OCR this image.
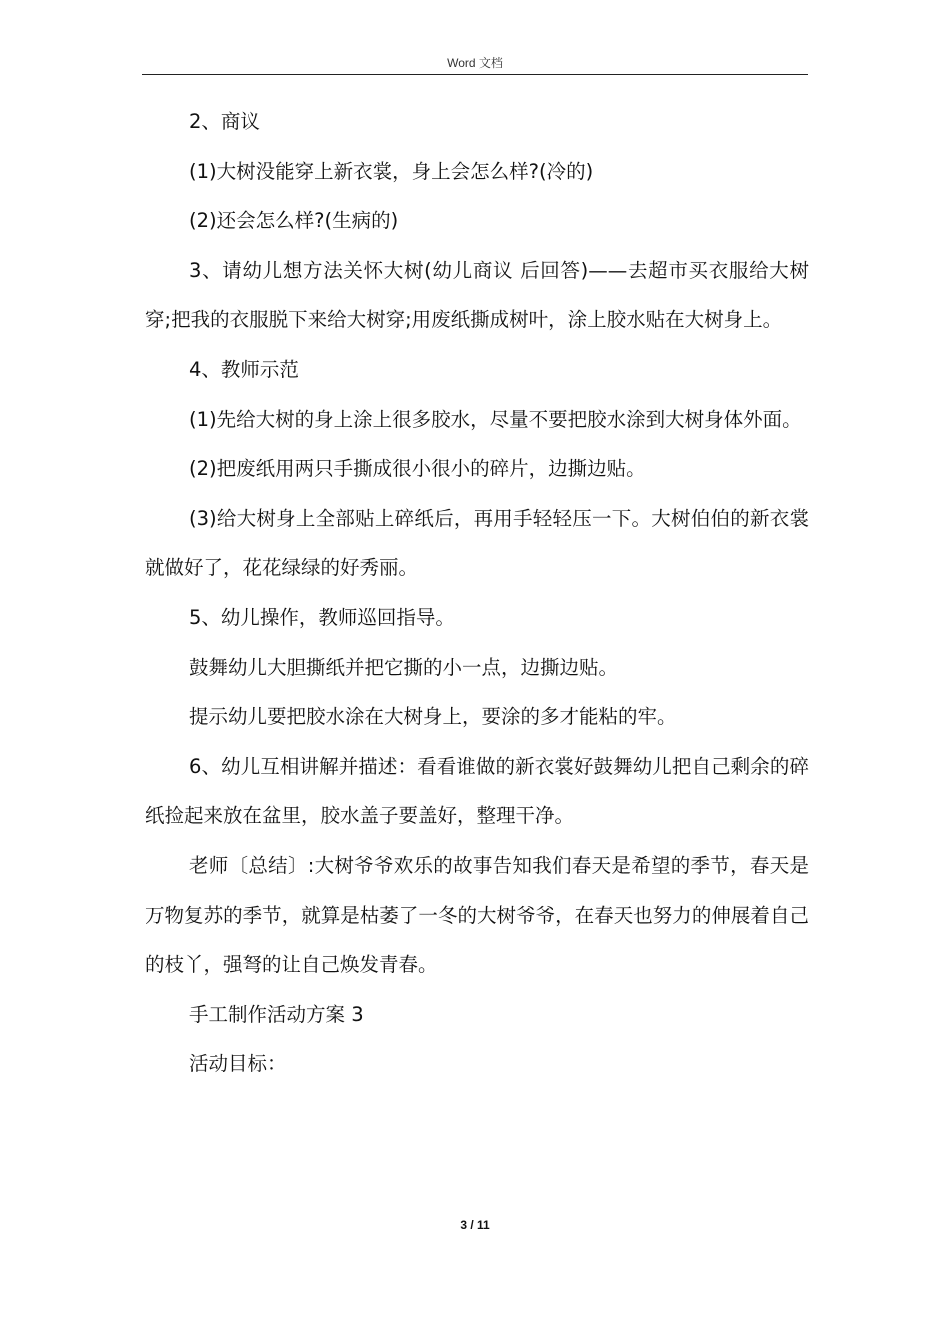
Word 文档

2、商议

(1)大树没能穿上新衣裳，身上会怎么样?(冷的)

(2)还会怎么样?(生病的)

3、请幼儿想方法关怀大树(幼儿商议 后回答)——去超市买衣服给大树穿;把我的衣服脱下来给大树穿;用废纸撕成树叶，涂上胶水贴在大树身上。

4、教师示范

(1)先给大树的身上涂上很多胶水，尽量不要把胶水涂到大树身体外面。

(2)把废纸用两只手撕成很小很小的碎片，边撕边贴。

(3)给大树身上全部贴上碎纸后，再用手轻轻压一下。大树伯伯的新衣裳就做好了，花花绿绿的好秀丽。

5、幼儿操作，教师巡回指导。

鼓舞幼儿大胆撕纸并把它撕的小一点，边撕边贴。

提示幼儿要把胶水涂在大树身上，要涂的多才能粘的牢。

6、幼儿互相讲解并描述：看看谁做的新衣裳好鼓舞幼儿把自己剩余的碎纸捡起来放在盆里，胶水盖子要盖好，整理干净。

老师〔总结〕:大树爷爷欢乐的故事告知我们春天是希望的季节，春天是万物复苏的季节，就算是枯萎了一冬的大树爷爷，在春天也努力的伸展着自己的枝丫，强弩的让自己焕发青春。

手工制作活动方案 3

活动目标：

3 / 11
